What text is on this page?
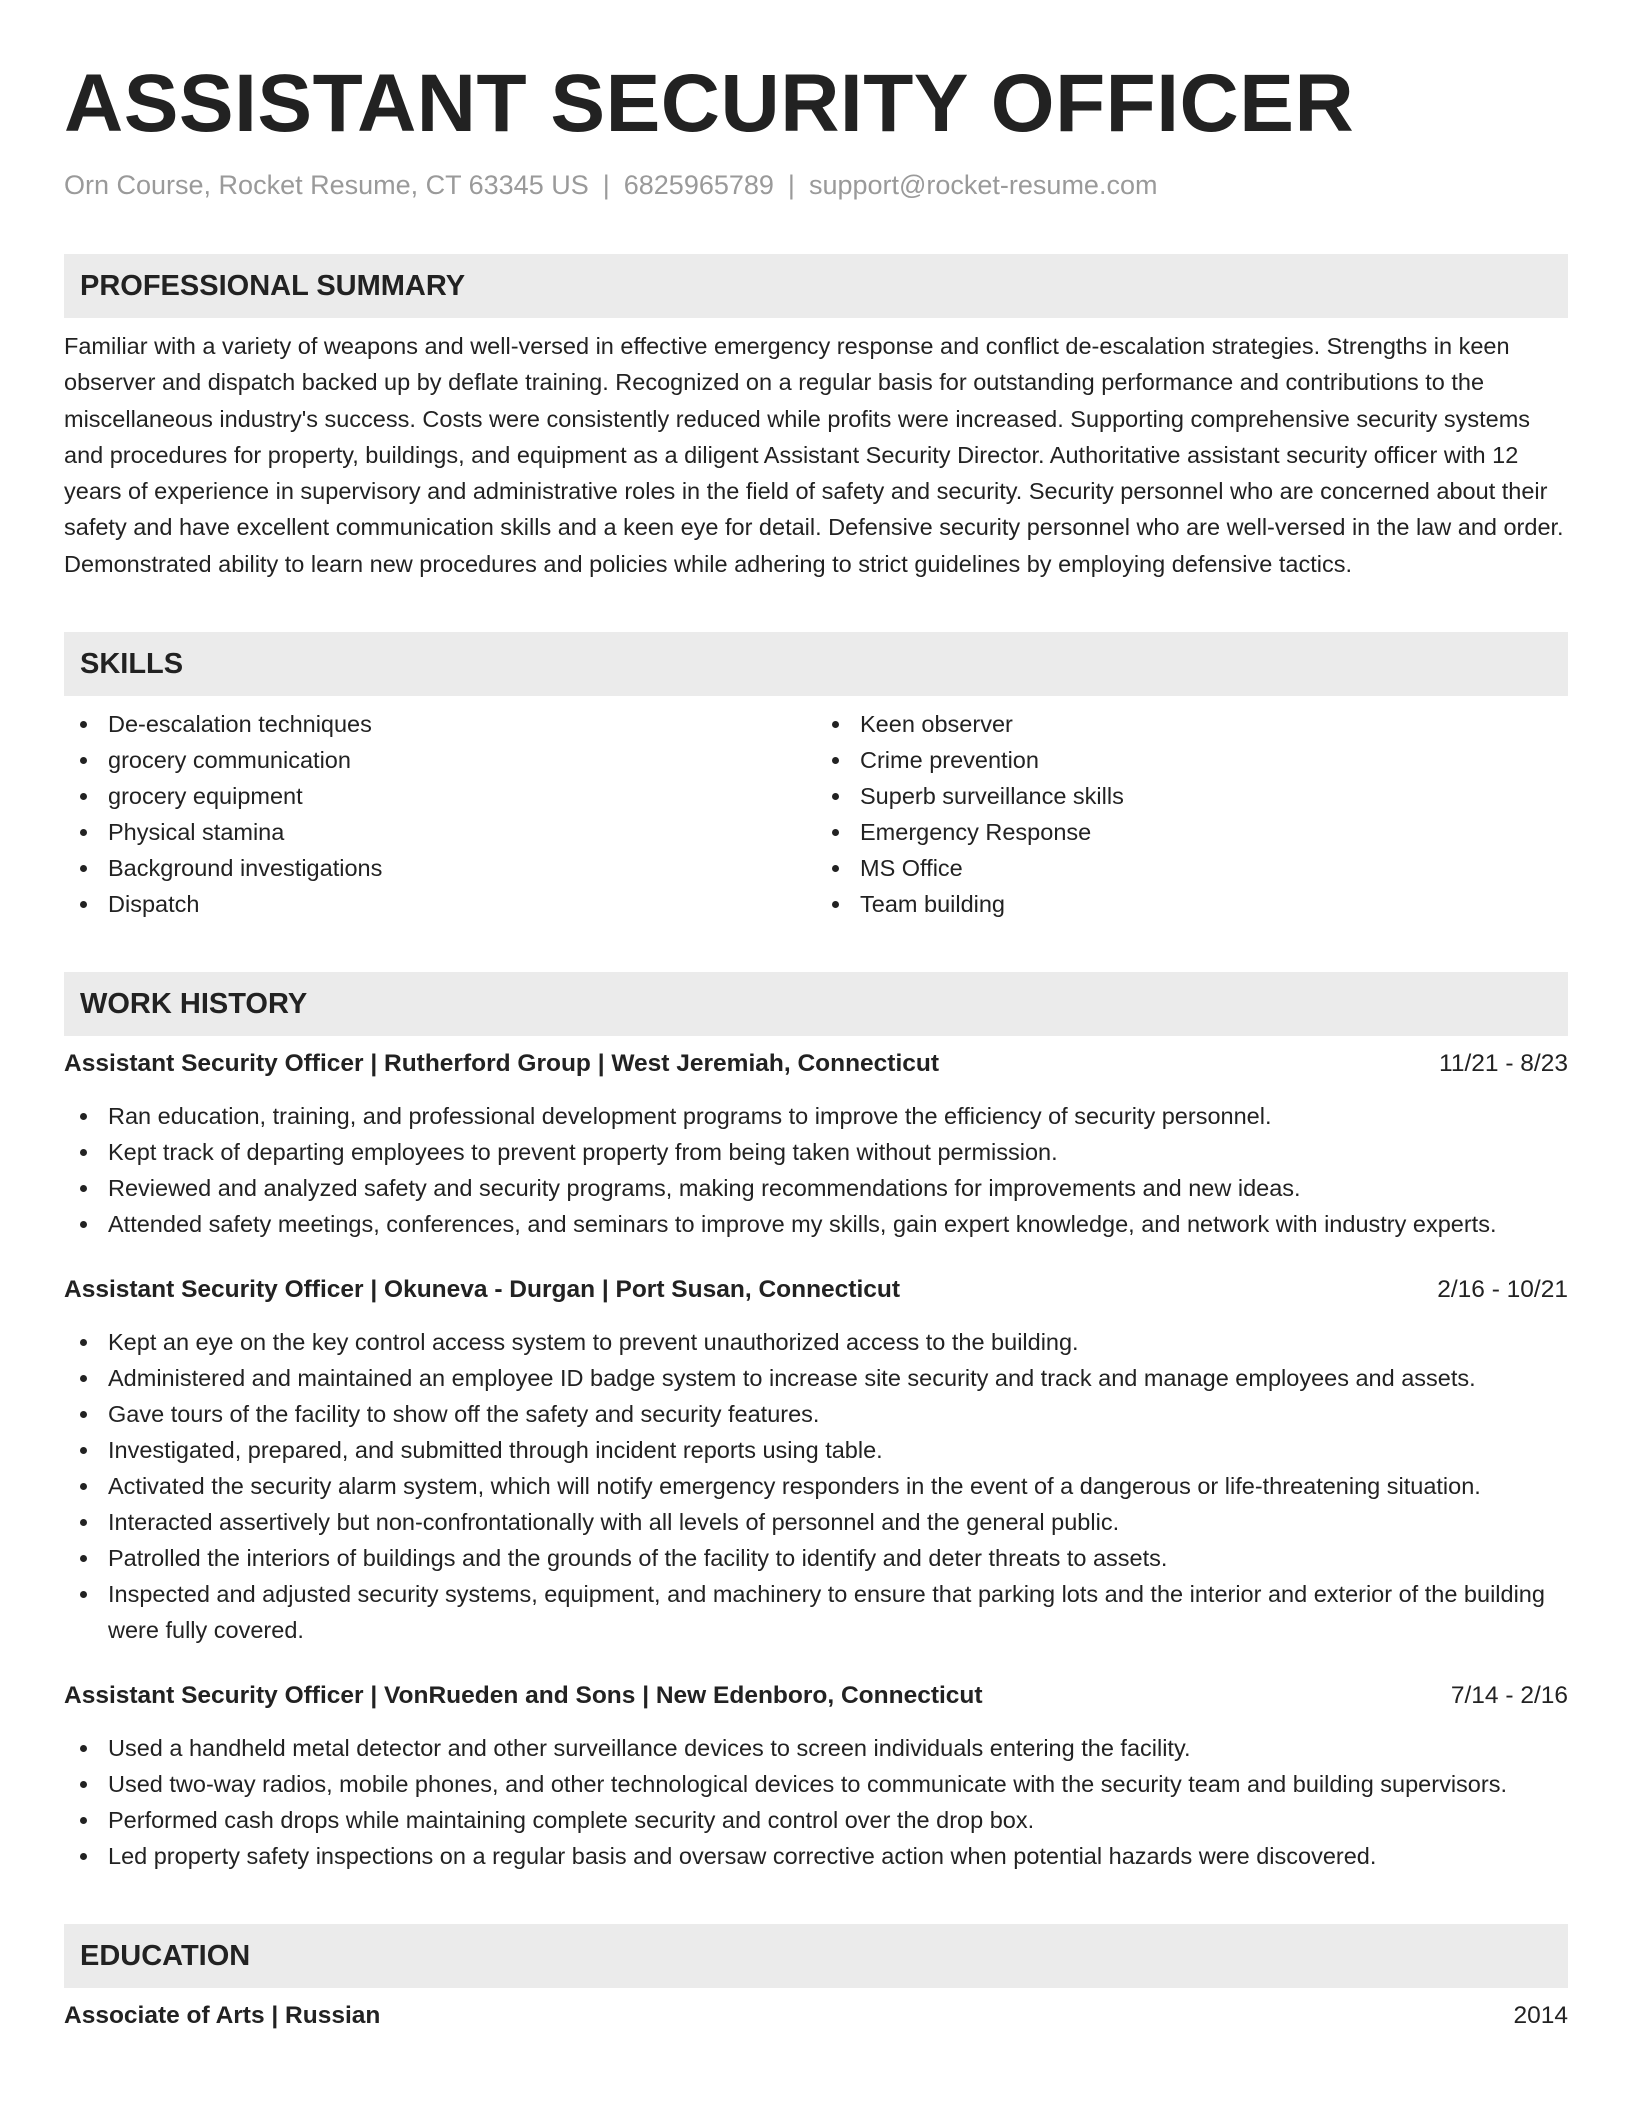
ASSISTANT SECURITY OFFICER
Orn Course, Rocket Resume, CT 63345 US | 6825965789 | support@rocket-resume.com
PROFESSIONAL SUMMARY

Familiar with a variety of weapons and well-versed in effective emergency response and conflict de-escalation strategies. Strengths in keen observer and dispatch backed up by deflate training. Recognized on a regular basis for outstanding performance and contributions to the miscellaneous industry's success. Costs were consistently reduced while profits were increased. Supporting comprehensive security systems and procedures for property, buildings, and equipment as a diligent Assistant Security Director. Authoritative assistant security officer with 12 years of experience in supervisory and administrative roles in the field of safety and security. Security personnel who are concerned about their safety and have excellent communication skills and a keen eye for detail. Defensive security personnel who are well-versed in the law and order. Demonstrated ability to learn new procedures and policies while adhering to strict guidelines by employing defensive tactics.

SKILLS
De-escalation techniques
grocery communication
grocery equipment
Physical stamina
Background investigations
Dispatch
Keen observer
Crime prevention
Superb surveillance skills
Emergency Response
MS Office
Team building
WORK HISTORY
Assistant Security Officer | Rutherford Group | West Jeremiah, Connecticut	11/21 - 8/23
Ran education, training, and professional development programs to improve the efficiency of security personnel.
Kept track of departing employees to prevent property from being taken without permission.
Reviewed and analyzed safety and security programs, making recommendations for improvements and new ideas.
Attended safety meetings, conferences, and seminars to improve my skills, gain expert knowledge, and network with industry experts.
Assistant Security Officer | Okuneva - Durgan | Port Susan, Connecticut	2/16 - 10/21
Kept an eye on the key control access system to prevent unauthorized access to the building.
Administered and maintained an employee ID badge system to increase site security and track and manage employees and assets.
Gave tours of the facility to show off the safety and security features.
Investigated, prepared, and submitted through incident reports using table.
Activated the security alarm system, which will notify emergency responders in the event of a dangerous or life-threatening situation.
Interacted assertively but non-confrontationally with all levels of personnel and the general public.
Patrolled the interiors of buildings and the grounds of the facility to identify and deter threats to assets.
Inspected and adjusted security systems, equipment, and machinery to ensure that parking lots and the interior and exterior of the building were fully covered.
Assistant Security Officer | VonRueden and Sons | New Edenboro, Connecticut	7/14 - 2/16
Used a handheld metal detector and other surveillance devices to screen individuals entering the facility.
Used two-way radios, mobile phones, and other technological devices to communicate with the security team and building supervisors.
Performed cash drops while maintaining complete security and control over the drop box.
Led property safety inspections on a regular basis and oversaw corrective action when potential hazards were discovered.
EDUCATION
Associate of Arts | Russian	2014
